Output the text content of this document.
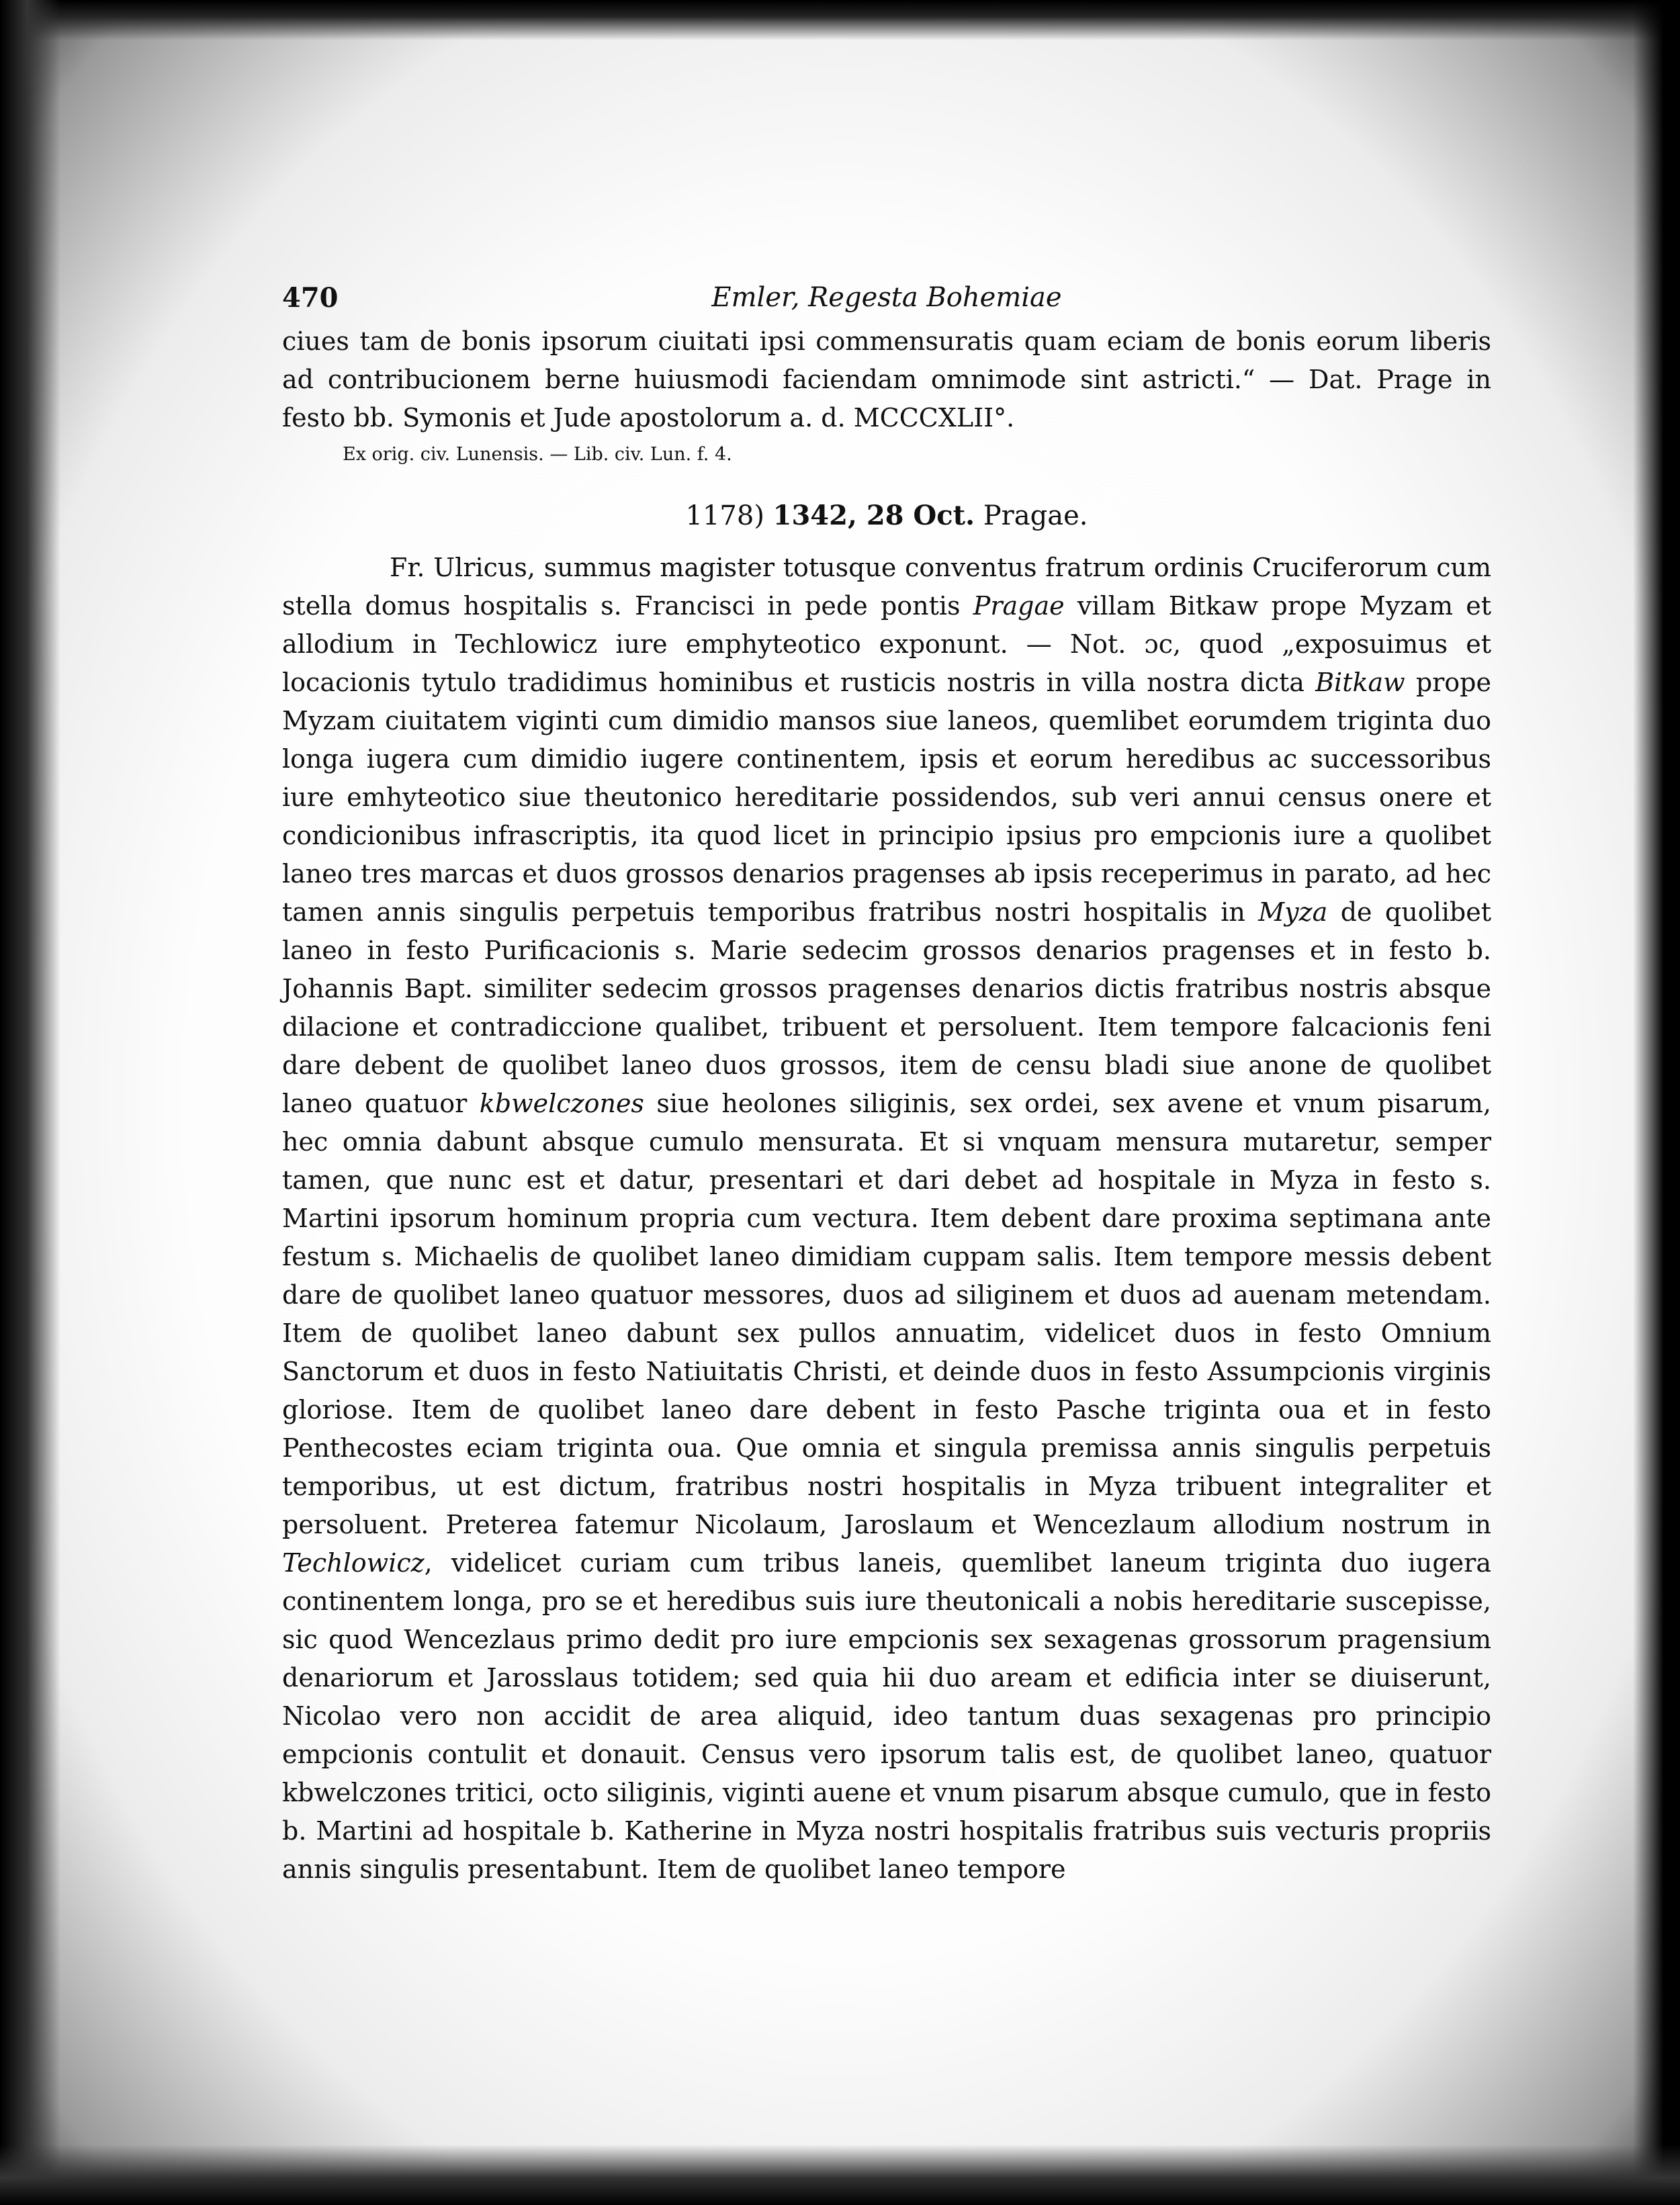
470	Emler, Regesta Bohemiae

ciues tam de bonis ipsorum ciuitati ipsi commensuratis quam eciam de bonis eorum liberis ad contribucionem berne huiusmodi faciendam omnimode sint astricti.“ — Dat. Prage in festo bb. Symonis et Jude apostolorum a. d. MCCCXLII°.

Ex orig. civ. Lunensis. — Lib. civ. Lun. f. 4.

1178) 1342, 28 Oct. Pragae.

Fr. Ulricus, summus magister totusque conventus fratrum ordinis Cruciferorum cum stella domus hospitalis s. Francisci in pede pontis Pragae villam Bitkaw prope Myzam et allodium in Techlowicz iure emphyteotico exponunt. — Not. ɔc, quod „exposuimus et locacionis tytulo tradidimus hominibus et rusticis nostris in villa nostra dicta Bitkaw prope Myzam ciuitatem viginti cum dimidio mansos siue laneos, quemlibet eorumdem triginta duo longa iugera cum dimidio iugere continentem, ipsis et eorum heredibus ac successoribus iure emhyteotico siue theutonico hereditarie possidendos, sub veri annui census onere et condicionibus infrascriptis, ita quod licet in principio ipsius pro empcionis iure a quolibet laneo tres marcas et duos grossos denarios pragenses ab ipsis receperimus in parato, ad hec tamen annis singulis perpetuis temporibus fratribus nostri hospitalis in Myza de quolibet laneo in festo Purificacionis s. Marie sedecim grossos denarios pragenses et in festo b. Johannis Bapt. similiter sedecim grossos pragenses denarios dictis fratribus nostris absque dilacione et contradiccione qualibet, tribuent et persoluent. Item tempore falcacionis feni dare debent de quolibet laneo duos grossos, item de censu bladi siue anone de quolibet laneo quatuor kbwelczones siue heolones siliginis, sex ordei, sex avene et vnum pisarum, hec omnia dabunt absque cumulo mensurata. Et si vnquam mensura mutaretur, semper tamen, que nunc est et datur, presentari et dari debet ad hospitale in Myza in festo s. Martini ipsorum hominum propria cum vectura. Item debent dare proxima septimana ante festum s. Michaelis de quolibet laneo dimidiam cuppam salis. Item tempore messis debent dare de quolibet laneo quatuor messores, duos ad siliginem et duos ad auenam metendam. Item de quolibet laneo dabunt sex pullos annuatim, videlicet duos in festo Omnium Sanctorum et duos in festo Natiuitatis Christi, et deinde duos in festo Assumpcionis virginis gloriose. Item de quolibet laneo dare debent in festo Pasche triginta oua et in festo Penthecostes eciam triginta oua. Que omnia et singula premissa annis singulis perpetuis temporibus, ut est dictum, fratribus nostri hospitalis in Myza tribuent integraliter et persoluent. Preterea fatemur Nicolaum, Jaroslaum et Wencezlaum allodium nostrum in Techlowicz, videlicet curiam cum tribus laneis, quemlibet laneum triginta duo iugera continentem longa, pro se et heredibus suis iure theutonicali a nobis hereditarie suscepisse, sic quod Wencezlaus primo dedit pro iure empcionis sex sexagenas grossorum pragensium denariorum et Jarosslaus totidem; sed quia hii duo aream et edificia inter se diuiserunt, Nicolao vero non accidit de area aliquid, ideo tantum duas sexagenas pro principio empcionis contulit et donauit. Census vero ipsorum talis est, de quolibet laneo, quatuor kbwelczones tritici, octo siliginis, viginti auene et vnum pisarum absque cumulo, que in festo b. Martini ad hospitale b. Katherine in Myza nostri hospitalis fratribus suis vecturis propriis annis singulis presentabunt. Item de quolibet laneo tempore
